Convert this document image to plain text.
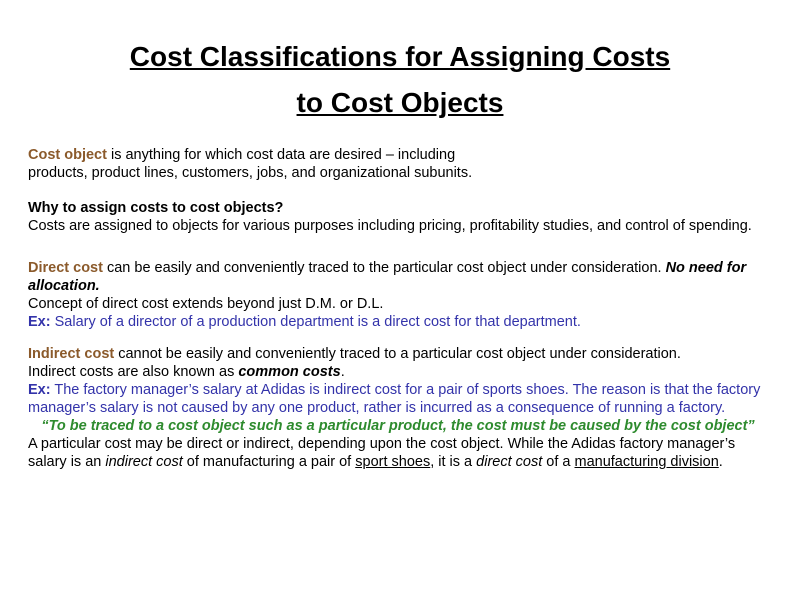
Cost Classifications for Assigning Costs
to Cost Objects

Cost object is anything for which cost data are desired – including
products, product lines, customers, jobs, and organizational subunits.

Why to assign costs to cost objects?
Costs are assigned to objects for various purposes including pricing, profitability studies, and control of spending.

Direct cost can be easily and conveniently traced to the particular cost object under consideration. No need for allocation.
Concept of direct cost extends beyond just D.M. or D.L.
Ex: Salary of a director of a production department is a direct cost for that department.

Indirect cost cannot be easily and conveniently traced to a particular cost object under consideration.
Indirect costs are also known as common costs.
Ex: The factory manager’s salary at Adidas is indirect cost for a pair of sports shoes. The reason is that the factory manager’s salary is not caused by any one product, rather is incurred as a consequence of running a factory.
“To be traced to a cost object such as a particular product, the cost must be caused by the cost object”
A particular cost may be direct or indirect, depending upon the cost object. While the Adidas factory manager’s salary is an indirect cost of manufacturing a pair of sport shoes, it is a direct cost of a manufacturing division.
